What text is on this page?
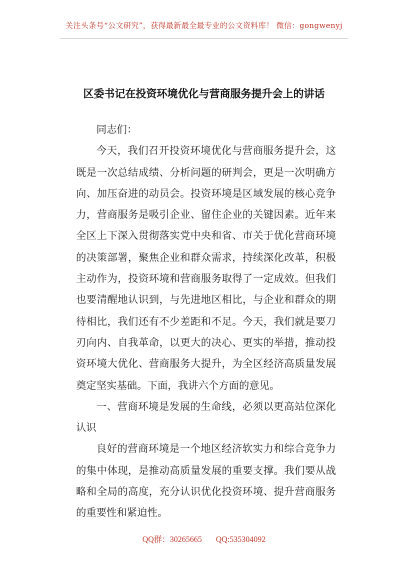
关注头条号“公文研究”，获得最新最全最专业的公文资料库！ 微信：gongwenyj
区委书记在投资环境优化与营商服务提升会上的讲话

同志们：

今天，我们召开投资环境优化与营商服务提升会，这既是一次总结成绩、分析问题的研判会，更是一次明确方向、加压奋进的动员会。投资环境是区域发展的核心竞争力，营商服务是吸引企业、留住企业的关键因素。近年来全区上下深入贯彻落实党中央和省、市关于优化营商环境的决策部署，聚焦企业和群众需求，持续深化改革，积极主动作为，投资环境和营商服务取得了一定成效。但我们也要清醒地认识到，与先进地区相比，与企业和群众的期待相比，我们还有不少差距和不足。今天，我们就是要刀刃向内、自我革命，以更大的决心、更实的举措，推动投资环境大优化、营商服务大提升，为全区经济高质量发展奠定坚实基础。下面，我讲六个方面的意见。

一、营商环境是发展的生命线，必须以更高站位深化认识

良好的营商环境是一个地区经济软实力和综合竞争力的集中体现，是推动高质量发展的重要支撑。我们要从战略和全局的高度，充分认识优化投资环境、提升营商服务的重要性和紧迫性。

QQ群：30265665 QQ:535304092
